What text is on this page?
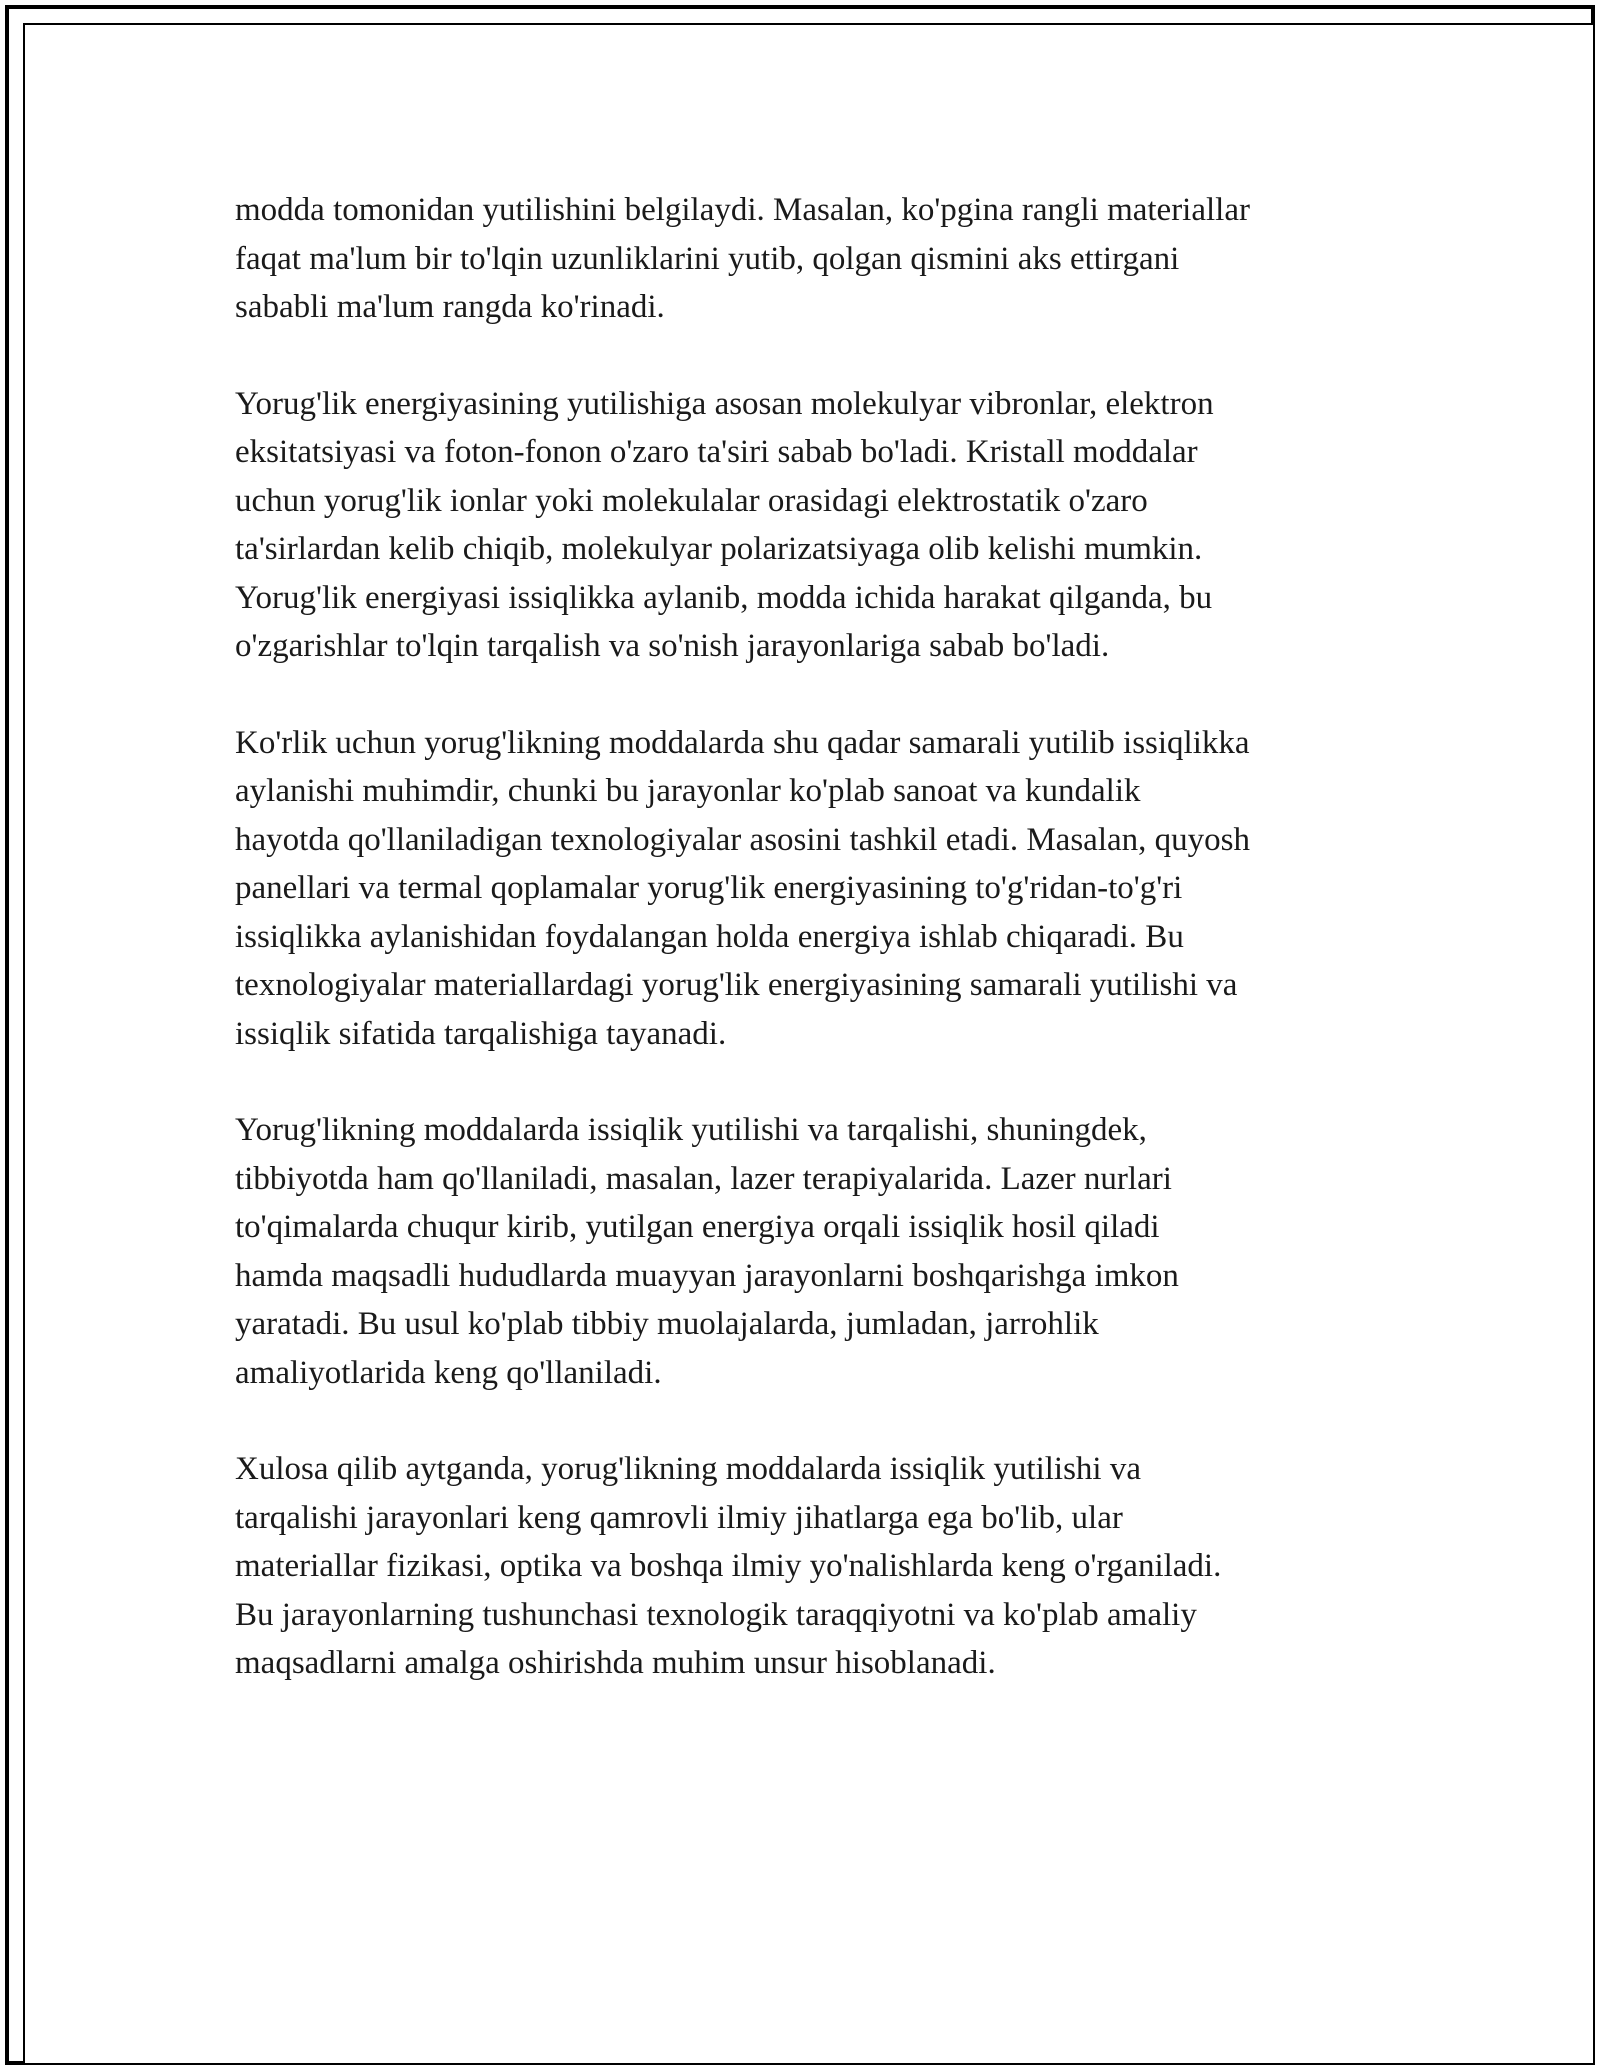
modda tomonidan yutilishini belgilaydi. Masalan, ko'pgina rangli materiallar
faqat ma'lum bir to'lqin uzunliklarini yutib, qolgan qismini aks ettirgani
sababli ma'lum rangda ko'rinadi.

Yorug'lik energiyasining yutilishiga asosan molekulyar vibronlar, elektron
eksitatsiyasi va foton-fonon o'zaro ta'siri sabab bo'ladi. Kristall moddalar
uchun yorug'lik ionlar yoki molekulalar orasidagi elektrostatik o'zaro
ta'sirlardan kelib chiqib, molekulyar polarizatsiyaga olib kelishi mumkin.
Yorug'lik energiyasi issiqlikka aylanib, modda ichida harakat qilganda, bu
o'zgarishlar to'lqin tarqalish va so'nish jarayonlariga sabab bo'ladi.

Ko'rlik uchun yorug'likning moddalarda shu qadar samarali yutilib issiqlikka
aylanishi muhimdir, chunki bu jarayonlar ko'plab sanoat va kundalik
hayotda qo'llaniladigan texnologiyalar asosini tashkil etadi. Masalan, quyosh
panellari va termal qoplamalar yorug'lik energiyasining to'g'ridan-to'g'ri
issiqlikka aylanishidan foydalangan holda energiya ishlab chiqaradi. Bu
texnologiyalar materiallardagi yorug'lik energiyasining samarali yutilishi va
issiqlik sifatida tarqalishiga tayanadi.

Yorug'likning moddalarda issiqlik yutilishi va tarqalishi, shuningdek,
tibbiyotda ham qo'llaniladi, masalan, lazer terapiyalarida. Lazer nurlari
to'qimalarda chuqur kirib, yutilgan energiya orqali issiqlik hosil qiladi
hamda maqsadli hududlarda muayyan jarayonlarni boshqarishga imkon
yaratadi. Bu usul ko'plab tibbiy muolajalarda, jumladan, jarrohlik
amaliyotlarida keng qo'llaniladi.

Xulosa qilib aytganda, yorug'likning moddalarda issiqlik yutilishi va
tarqalishi jarayonlari keng qamrovli ilmiy jihatlarga ega bo'lib, ular
materiallar fizikasi, optika va boshqa ilmiy yo'nalishlarda keng o'rganiladi.
Bu jarayonlarning tushunchasi texnologik taraqqiyotni va ko'plab amaliy
maqsadlarni amalga oshirishda muhim unsur hisoblanadi.
